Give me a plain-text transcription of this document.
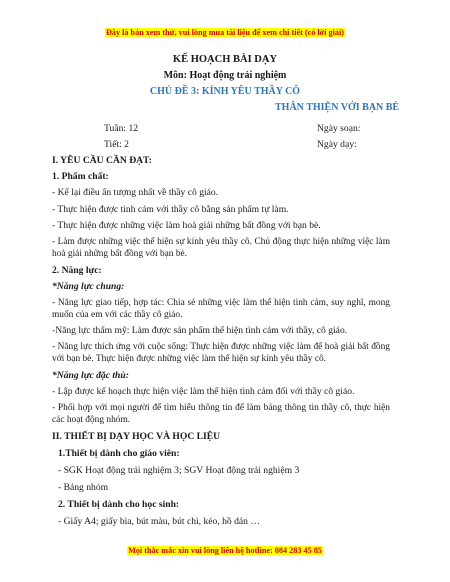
Đây là bản xem thử, vui lòng mua tài liệu để xem chi tiết (có lời giải)
KẾ HOẠCH BÀI DẠY
Môn: Hoạt động trải nghiệm
CHỦ ĐỀ 3: KÍNH YÊU THẦY CÔ
THÂN THIỆN VỚI BẠN BÈ
Tuần: 12	Ngày soạn:
Tiết: 2	Ngày dạy:
I. YÊU CẦU CẦN ĐẠT:
1. Phẩm chất:
- Kể lại điều ấn tượng nhất về thầy cô giáo.
- Thực hiện được tình cảm với thầy cô bằng sản phẩm tự làm.
- Thực hiện được những việc làm hoà giải những bất đồng với bạn bè.
- Làm được những việc thể hiện sự kính yêu thầy cô. Chủ động thực hiện những việc làm hoà giải những bất đồng với bạn bè.
2. Năng lực:
*Năng lực chung:
- Năng lực giao tiếp, hợp tác: Chia sẻ những việc làm thể hiện tình cảm, suy nghĩ, mong muốn của em với các thầy cô giáo.
-Năng lực thẩm mỹ: Làm được sản phẩm thể hiện tình cảm với thầy, cô giáo.
- Năng lực thích ứng với cuộc sống: Thực hiện được những việc làm để hoà giải bất đồng với bạn bè. Thực hiện được những việc làm thể hiện sự kính yêu thầy cô.
*Năng lực đặc thù:
- Lập được kế hoạch thực hiện việc làm thể hiện tình cảm đối với thầy cô giáo.
- Phối hợp với mọi người để tìm hiểu thông tin để làm bảng thông tin thầy cô, thực hiện các hoạt động nhóm.
II. THIẾT BỊ DẠY HỌC VÀ HỌC LIỆU
1.Thiết bị dành cho giáo viên:
- SGK Hoạt động trải nghiệm 3; SGV Hoạt động trải nghiệm 3
- Bảng nhóm
2. Thiết bị dành cho học sinh:
- Giấy A4; giấy bìa, bút màu, bút chì, kéo, hồ dán …
Mọi thắc mắc xin vui lòng liên hệ hotline: 084 283 45 85
